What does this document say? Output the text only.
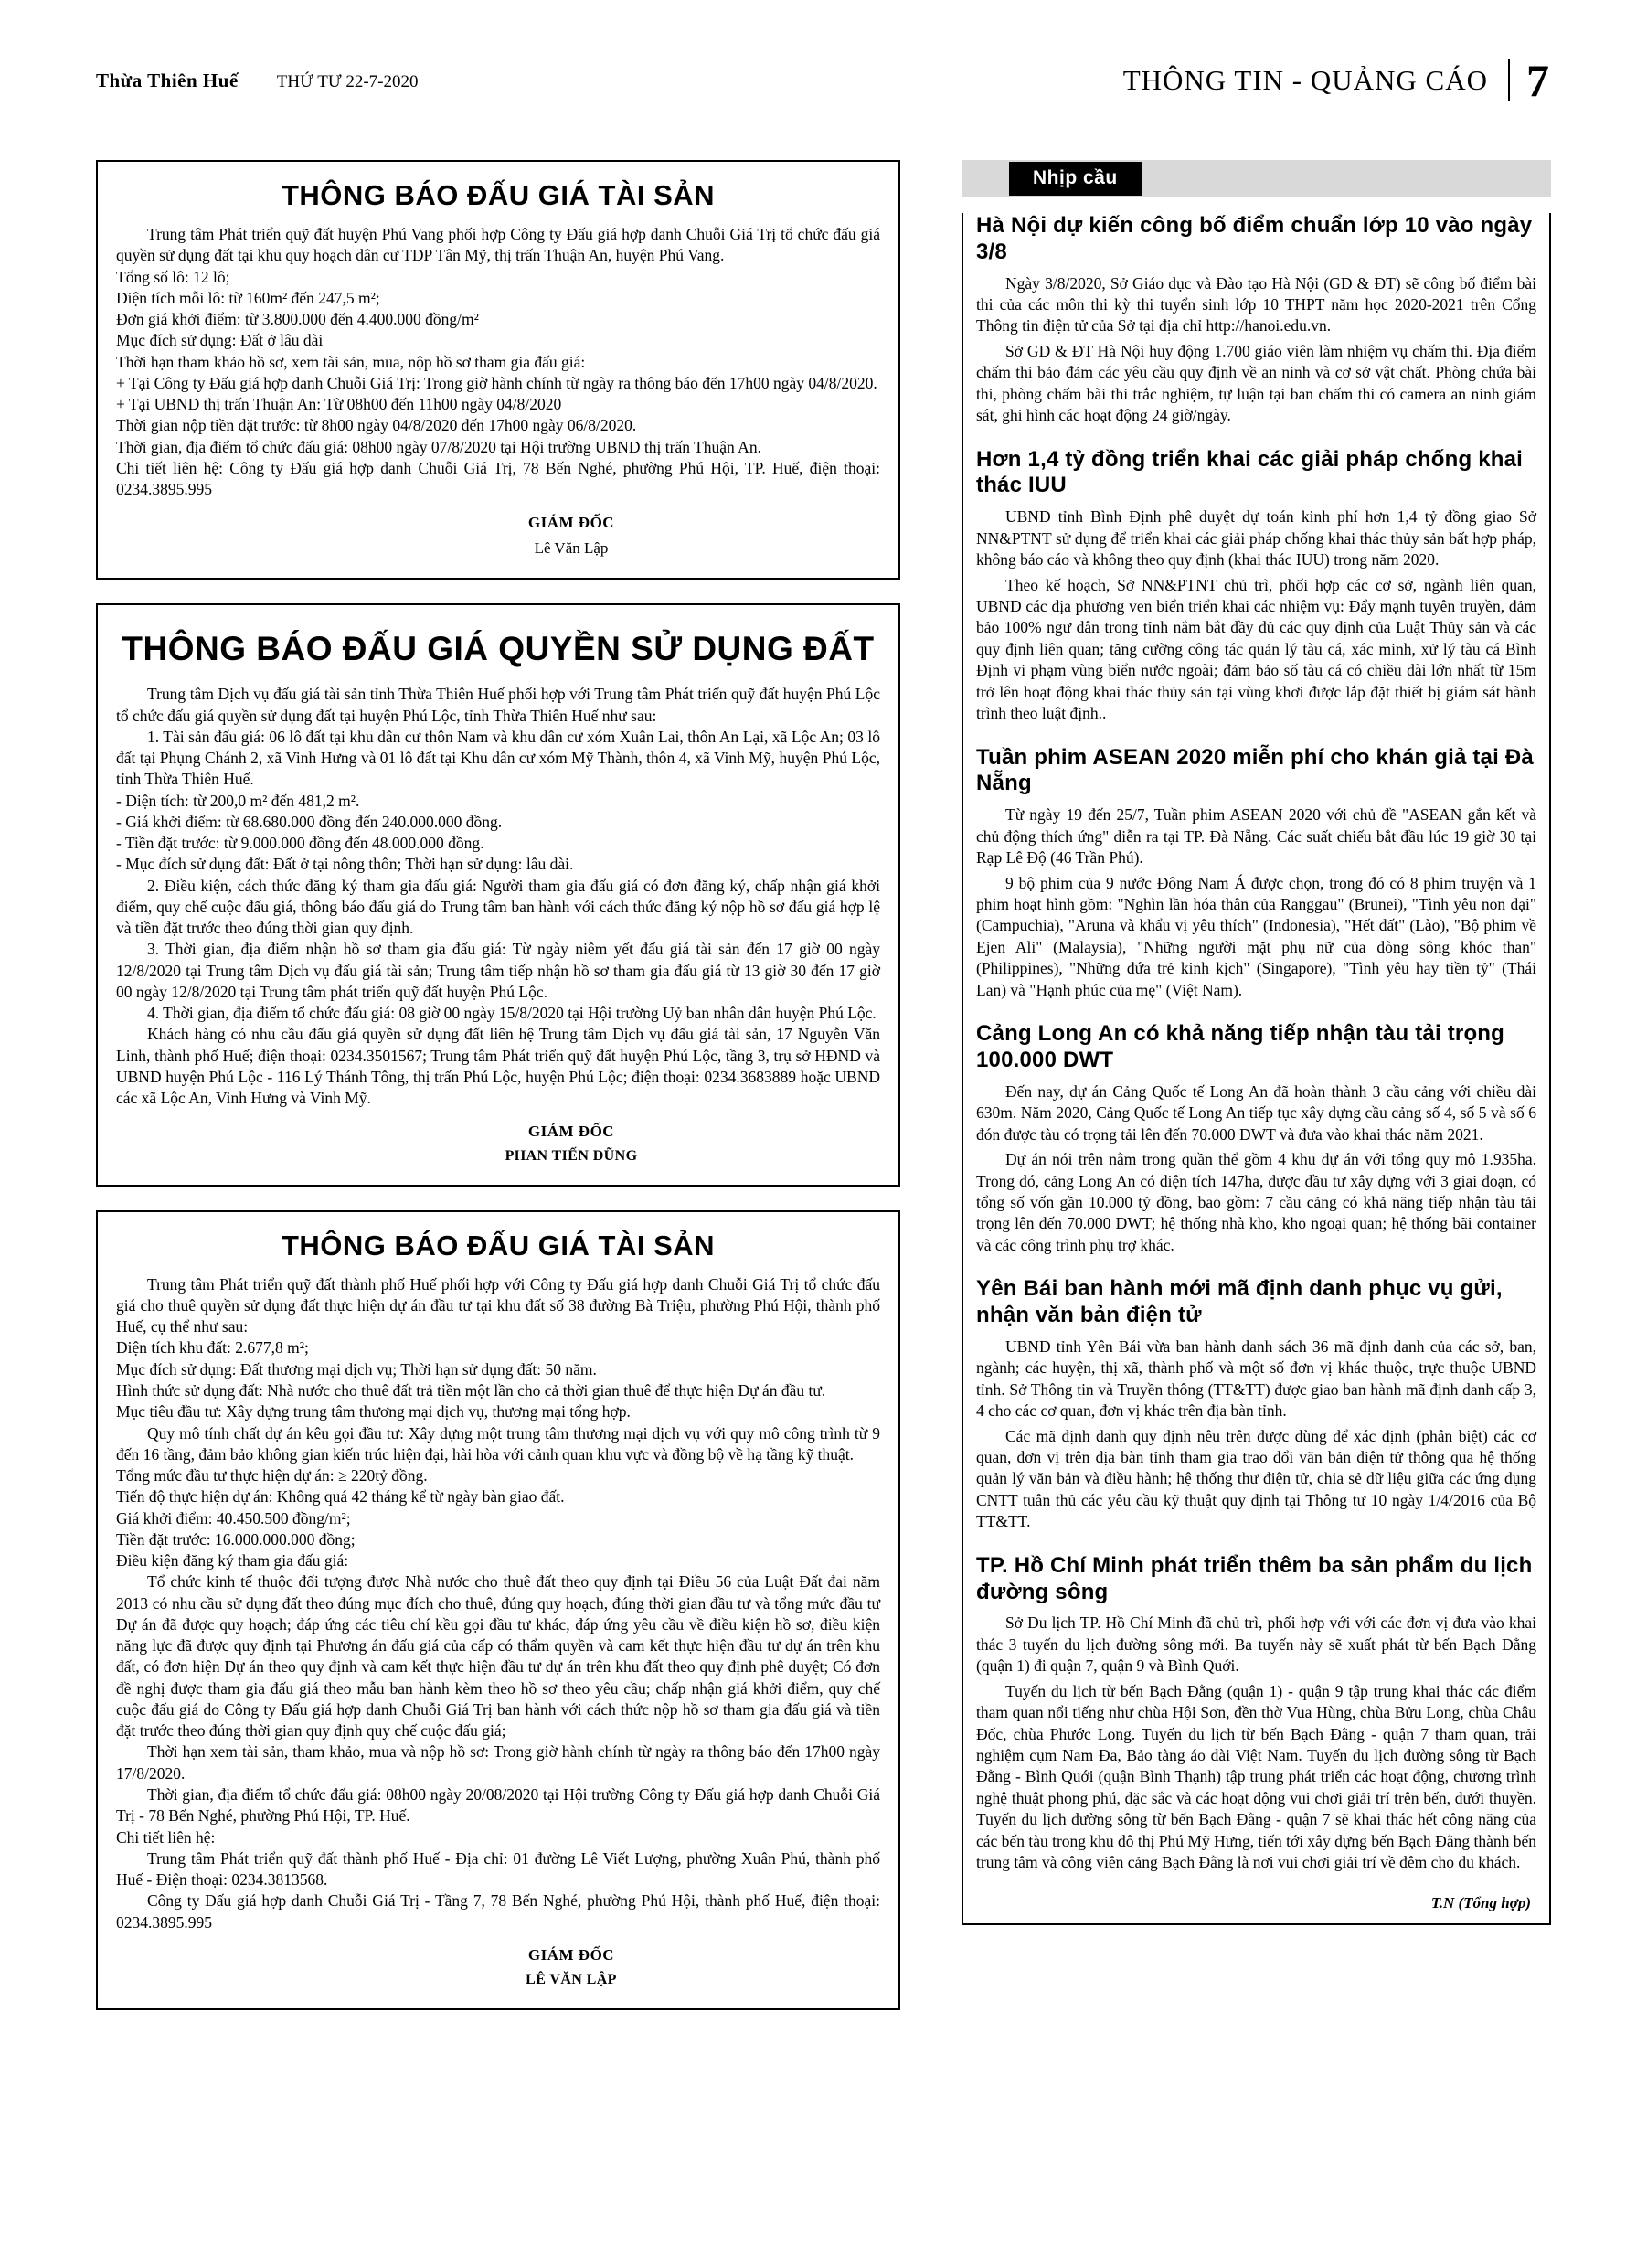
Thừa Thiên Huế THỨ TƯ 22-7-2020	THÔNG TIN - QUẢNG CÁO 7
THÔNG BÁO ĐẤU GIÁ TÀI SẢN

Trung tâm Phát triển quỹ đất huyện Phú Vang phối hợp Công ty Đấu giá hợp danh Chuỗi Giá Trị tổ chức đấu giá quyền sử dụng đất tại khu quy hoạch dân cư TDP Tân Mỹ, thị trấn Thuận An, huyện Phú Vang.

Tổng số lô: 12 lô;

Diện tích mỗi lô: từ 160m² đến 247,5 m²;

Đơn giá khởi điểm: từ 3.800.000 đến 4.400.000 đồng/m²

Mục đích sử dụng: Đất ở lâu dài

Thời hạn tham khảo hồ sơ, xem tài sản, mua, nộp hồ sơ tham gia đấu giá:

+ Tại Công ty Đấu giá hợp danh Chuỗi Giá Trị: Trong giờ hành chính từ ngày ra thông báo đến 17h00 ngày 04/8/2020.

+ Tại UBND thị trấn Thuận An: Từ 08h00 đến 11h00 ngày 04/8/2020

Thời gian nộp tiền đặt trước: từ 8h00 ngày 04/8/2020 đến 17h00 ngày 06/8/2020.

Thời gian, địa điểm tổ chức đấu giá: 08h00 ngày 07/8/2020 tại Hội trường UBND thị trấn Thuận An.

Chi tiết liên hệ: Công ty Đấu giá hợp danh Chuỗi Giá Trị, 78 Bến Nghé, phường Phú Hội, TP. Huế, điện thoại: 0234.3895.995

GIÁM ĐỐC
Lê Văn Lập
THÔNG BÁO ĐẤU GIÁ QUYỀN SỬ DỤNG ĐẤT

Trung tâm Dịch vụ đấu giá tài sản tỉnh Thừa Thiên Huế phối hợp với Trung tâm Phát triển quỹ đất huyện Phú Lộc tổ chức đấu giá quyền sử dụng đất tại huyện Phú Lộc, tỉnh Thừa Thiên Huế như sau:

1. Tài sản đấu giá: 06 lô đất tại khu dân cư thôn Nam và khu dân cư xóm Xuân Lai, thôn An Lại, xã Lộc An; 03 lô đất tại Phụng Chánh 2, xã Vinh Hưng và 01 lô đất tại Khu dân cư xóm Mỹ Thành, thôn 4, xã Vinh Mỹ, huyện Phú Lộc, tỉnh Thừa Thiên Huế.

- Diện tích: từ 200,0 m² đến 481,2 m².

- Giá khởi điểm: từ 68.680.000 đồng đến 240.000.000 đồng.

- Tiền đặt trước: từ 9.000.000 đồng đến 48.000.000 đồng.

- Mục đích sử dụng đất: Đất ở tại nông thôn; Thời hạn sử dụng: lâu dài.

2. Điều kiện, cách thức đăng ký tham gia đấu giá: Người tham gia đấu giá có đơn đăng ký, chấp nhận giá khởi điểm, quy chế cuộc đấu giá, thông báo đấu giá do Trung tâm ban hành với cách thức đăng ký nộp hồ sơ đấu giá hợp lệ và tiền đặt trước theo đúng thời gian quy định.

3. Thời gian, địa điểm nhận hồ sơ tham gia đấu giá: Từ ngày niêm yết đấu giá tài sản đến 17 giờ 00 ngày 12/8/2020 tại Trung tâm Dịch vụ đấu giá tài sản; Trung tâm tiếp nhận hồ sơ tham gia đấu giá từ 13 giờ 30 đến 17 giờ 00 ngày 12/8/2020 tại Trung tâm phát triển quỹ đất huyện Phú Lộc.

4. Thời gian, địa điểm tổ chức đấu giá: 08 giờ 00 ngày 15/8/2020 tại Hội trường Uỷ ban nhân dân huyện Phú Lộc.

Khách hàng có nhu cầu đấu giá quyền sử dụng đất liên hệ Trung tâm Dịch vụ đấu giá tài sản, 17 Nguyễn Văn Linh, thành phố Huế; điện thoại: 0234.3501567; Trung tâm Phát triển quỹ đất huyện Phú Lộc, tầng 3, trụ sở HĐND và UBND huyện Phú Lộc - 116 Lý Thánh Tông, thị trấn Phú Lộc, huyện Phú Lộc; điện thoại: 0234.3683889 hoặc UBND các xã Lộc An, Vinh Hưng và Vinh Mỹ.

GIÁM ĐỐC
PHAN TIẾN DŨNG
THÔNG BÁO ĐẤU GIÁ TÀI SẢN

Trung tâm Phát triển quỹ đất thành phố Huế phối hợp với Công ty Đấu giá hợp danh Chuỗi Giá Trị tổ chức đấu giá cho thuê quyền sử dụng đất thực hiện dự án đầu tư tại khu đất số 38 đường Bà Triệu, phường Phú Hội, thành phố Huế, cụ thể như sau:

Diện tích khu đất: 2.677,8 m²;

Mục đích sử dụng: Đất thương mại dịch vụ; Thời hạn sử dụng đất: 50 năm.

Hình thức sử dụng đất: Nhà nước cho thuê đất trả tiền một lần cho cả thời gian thuê để thực hiện Dự án đầu tư.

Mục tiêu đầu tư: Xây dựng trung tâm thương mại dịch vụ, thương mại tổng hợp.

Quy mô tính chất dự án kêu gọi đầu tư: Xây dựng một trung tâm thương mại dịch vụ với quy mô công trình từ 9 đến 16 tầng, đảm bảo không gian kiến trúc hiện đại, hài hòa với cảnh quan khu vực và đồng bộ về hạ tầng kỹ thuật.

Tổng mức đầu tư thực hiện dự án: ≥ 220tỷ đồng.

Tiến độ thực hiện dự án: Không quá 42 tháng kể từ ngày bàn giao đất.

Giá khởi điểm: 40.450.500 đồng/m²;

Tiền đặt trước: 16.000.000.000 đồng;

Điều kiện đăng ký tham gia đấu giá:

Tổ chức kinh tế thuộc đối tượng được Nhà nước cho thuê đất theo quy định tại Điều 56 của Luật Đất đai năm 2013 có nhu cầu sử dụng đất theo đúng mục đích cho thuê, đúng quy hoạch, đúng thời gian đầu tư và tổng mức đầu tư Dự án đã được quy hoạch; đáp ứng các tiêu chí kều gọi đầu tư khác, đáp ứng yêu cầu về điều kiện hồ sơ, điều kiện năng lực đã được quy định tại Phương án đấu giá của cấp có thẩm quyền và cam kết thực hiện đầu tư dự án trên khu đất, có đơn hiện Dự án theo quy định và cam kết thực hiện đầu tư dự án trên khu đất theo quy định phê duyệt; Có đơn đề nghị được tham gia đấu giá theo mẫu ban hành kèm theo hồ sơ theo yêu cầu; chấp nhận giá khởi điểm, quy chế cuộc đấu giá do Công ty Đấu giá hợp danh Chuỗi Giá Trị ban hành với cách thức nộp hồ sơ tham gia đấu giá và tiền đặt trước theo đúng thời gian quy định quy chế cuộc đấu giá;

Thời hạn xem tài sản, tham khảo, mua và nộp hồ sơ: Trong giờ hành chính từ ngày ra thông báo đến 17h00 ngày 17/8/2020.

Thời gian, địa điểm tổ chức đấu giá: 08h00 ngày 20/08/2020 tại Hội trường Công ty Đấu giá hợp danh Chuỗi Giá Trị - 78 Bến Nghé, phường Phú Hội, TP. Huế.

Chi tiết liên hệ:

Trung tâm Phát triển quỹ đất thành phố Huế - Địa chỉ: 01 đường Lê Viết Lượng, phường Xuân Phú, thành phố Huế - Điện thoại: 0234.3813568.

Công ty Đấu giá hợp danh Chuỗi Giá Trị - Tầng 7, 78 Bến Nghé, phường Phú Hội, thành phố Huế, điện thoại: 0234.3895.995

GIÁM ĐỐC
LÊ VĂN LẬP
Nhịp cầu
Hà Nội dự kiến công bố điểm chuẩn lớp 10 vào ngày 3/8

Ngày 3/8/2020, Sở Giáo dục và Đào tạo Hà Nội (GD & ĐT) sẽ công bố điểm bài thi của các môn thi kỳ thi tuyển sinh lớp 10 THPT năm học 2020-2021 trên Cổng Thông tin điện tử của Sở tại địa chỉ http://hanoi.edu.vn.

Sở GD & ĐT Hà Nội huy động 1.700 giáo viên làm nhiệm vụ chấm thi. Địa điểm chấm thi bảo đảm các yêu cầu quy định về an ninh và cơ sở vật chất. Phòng chứa bài thi, phòng chấm bài thi trắc nghiệm, tự luận tại ban chấm thi có camera an ninh giám sát, ghi hình các hoạt động 24 giờ/ngày.

Hơn 1,4 tỷ đồng triển khai các giải pháp chống khai thác IUU

UBND tỉnh Bình Định phê duyệt dự toán kinh phí hơn 1,4 tỷ đồng giao Sở NN&PTNT sử dụng để triển khai các giải pháp chống khai thác thủy sản bất hợp pháp, không báo cáo và không theo quy định (khai thác IUU) trong năm 2020.

Theo kế hoạch, Sở NN&PTNT chủ trì, phối hợp các cơ sở, ngành liên quan, UBND các địa phương ven biển triển khai các nhiệm vụ: Đẩy mạnh tuyên truyền, đảm bảo 100% ngư dân trong tỉnh nắm bắt đầy đủ các quy định của Luật Thủy sản và các quy định liên quan; tăng cường công tác quản lý tàu cá, xác minh, xử lý tàu cá Bình Định vi phạm vùng biển nước ngoài; đảm bảo số tàu cá có chiều dài lớn nhất từ 15m trở lên hoạt động khai thác thủy sản tại vùng khơi được lắp đặt thiết bị giám sát hành trình theo luật định..

Tuần phim ASEAN 2020 miễn phí cho khán giả tại Đà Nẵng

Từ ngày 19 đến 25/7, Tuần phim ASEAN 2020 với chủ đề "ASEAN gắn kết và chủ động thích ứng" diễn ra tại TP. Đà Nẵng. Các suất chiếu bắt đầu lúc 19 giờ 30 tại Rạp Lê Độ (46 Trần Phú).

9 bộ phim của 9 nước Đông Nam Á được chọn, trong đó có 8 phim truyện và 1 phim hoạt hình gồm: "Nghìn lần hóa thân của Ranggau" (Brunei), "Tình yêu non dại" (Campuchia), "Aruna và khẩu vị yêu thích" (Indonesia), "Hết đất" (Lào), "Bộ phim về Ejen Ali" (Malaysia), "Những người mặt phụ nữ của dòng sông khóc than" (Philippines), "Những đứa trẻ kinh kịch" (Singapore), "Tình yêu hay tiền tỷ" (Thái Lan) và "Hạnh phúc của mẹ" (Việt Nam).

Cảng Long An có khả năng tiếp nhận tàu tải trọng 100.000 DWT

Đến nay, dự án Cảng Quốc tế Long An đã hoàn thành 3 cầu cảng với chiều dài 630m. Năm 2020, Cảng Quốc tế Long An tiếp tục xây dựng cầu cảng số 4, số 5 và số 6 đón được tàu có trọng tải lên đến 70.000 DWT và đưa vào khai thác năm 2021.

Dự án nói trên nằm trong quần thể gồm 4 khu dự án với tổng quy mô 1.935ha. Trong đó, cảng Long An có diện tích 147ha, được đầu tư xây dựng với 3 giai đoạn, có tổng số vốn gần 10.000 tỷ đồng, bao gồm: 7 cầu cảng có khả năng tiếp nhận tàu tải trọng lên đến 70.000 DWT; hệ thống nhà kho, kho ngoại quan; hệ thống bãi container và các công trình phụ trợ khác.

Yên Bái ban hành mới mã định danh phục vụ gửi, nhận văn bản điện tử

UBND tỉnh Yên Bái vừa ban hành danh sách 36 mã định danh của các sở, ban, ngành; các huyện, thị xã, thành phố và một số đơn vị khác thuộc, trực thuộc UBND tỉnh. Sở Thông tin và Truyền thông (TT&TT) được giao ban hành mã định danh cấp 3, 4 cho các cơ quan, đơn vị khác trên địa bàn tỉnh.

Các mã định danh quy định nêu trên được dùng để xác định (phân biệt) các cơ quan, đơn vị trên địa bàn tỉnh tham gia trao đổi văn bản điện tử thông qua hệ thống quản lý văn bản và điều hành; hệ thống thư điện tử, chia sẻ dữ liệu giữa các ứng dụng CNTT tuân thủ các yêu cầu kỹ thuật quy định tại Thông tư 10 ngày 1/4/2016 của Bộ TT&TT.

TP. Hồ Chí Minh phát triển thêm ba sản phẩm du lịch đường sông

Sở Du lịch TP. Hồ Chí Minh đã chủ trì, phối hợp với với các đơn vị đưa vào khai thác 3 tuyến du lịch đường sông mới. Ba tuyến này sẽ xuất phát từ bến Bạch Đằng (quận 1) đi quận 7, quận 9 và Bình Quới.

Tuyến du lịch từ bến Bạch Đằng (quận 1) - quận 9 tập trung khai thác các điểm tham quan nổi tiếng như chùa Hội Sơn, đền thờ Vua Hùng, chùa Bửu Long, chùa Châu Đốc, chùa Phước Long. Tuyến du lịch từ bến Bạch Đằng - quận 7 tham quan, trải nghiệm cụm Nam Đa, Bảo tàng áo dài Việt Nam. Tuyến du lịch đường sông từ Bạch Đằng - Bình Quới (quận Bình Thạnh) tập trung phát triển các hoạt động, chương trình nghệ thuật phong phú, đặc sắc và các hoạt động vui chơi giải trí trên bến, dưới thuyền. Tuyến du lịch đường sông từ bến Bạch Đằng - quận 7 sẽ khai thác hết công năng của các bến tàu trong khu đô thị Phú Mỹ Hưng, tiến tới xây dựng bến Bạch Đằng thành bến trung tâm và công viên cảng Bạch Đằng là nơi vui chơi giải trí về đêm cho du khách.

T.N (Tổng hợp)
